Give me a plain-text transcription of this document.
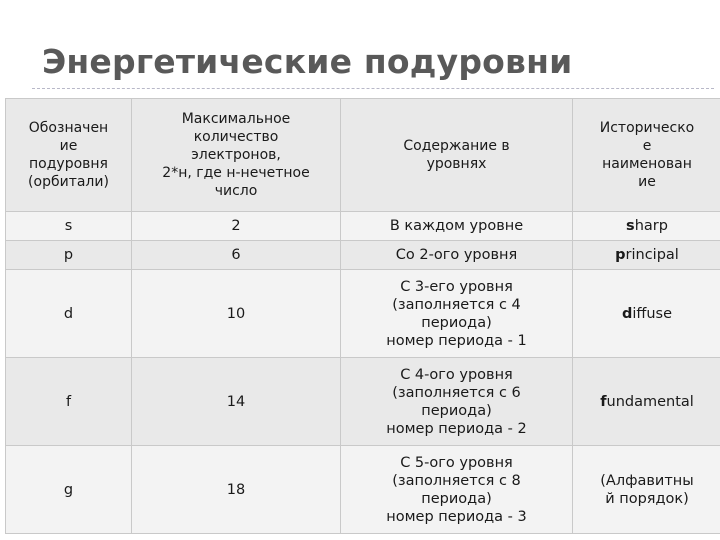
Энергетические подуровни
Обозначен
ие
подуровня
(орбитали)	Максимальное
количество
электронов,
2*н, где н-нечетное
число	Содержание в
уровнях	Историческо
е
наименован
ие

s	2	В каждом уровне	sharp
p	6	Со 2-ого уровня	principal
d	10	С 3-его уровня
(заполняется с 4
периода)
номер периода - 1	diffuse
f	14	С 4-ого уровня
(заполняется с 6
периода)
номер периода - 2	fundamental
g	18	С 5-ого уровня
(заполняется с 8
периода)
номер периода - 3	(Алфавитны
й порядок)
